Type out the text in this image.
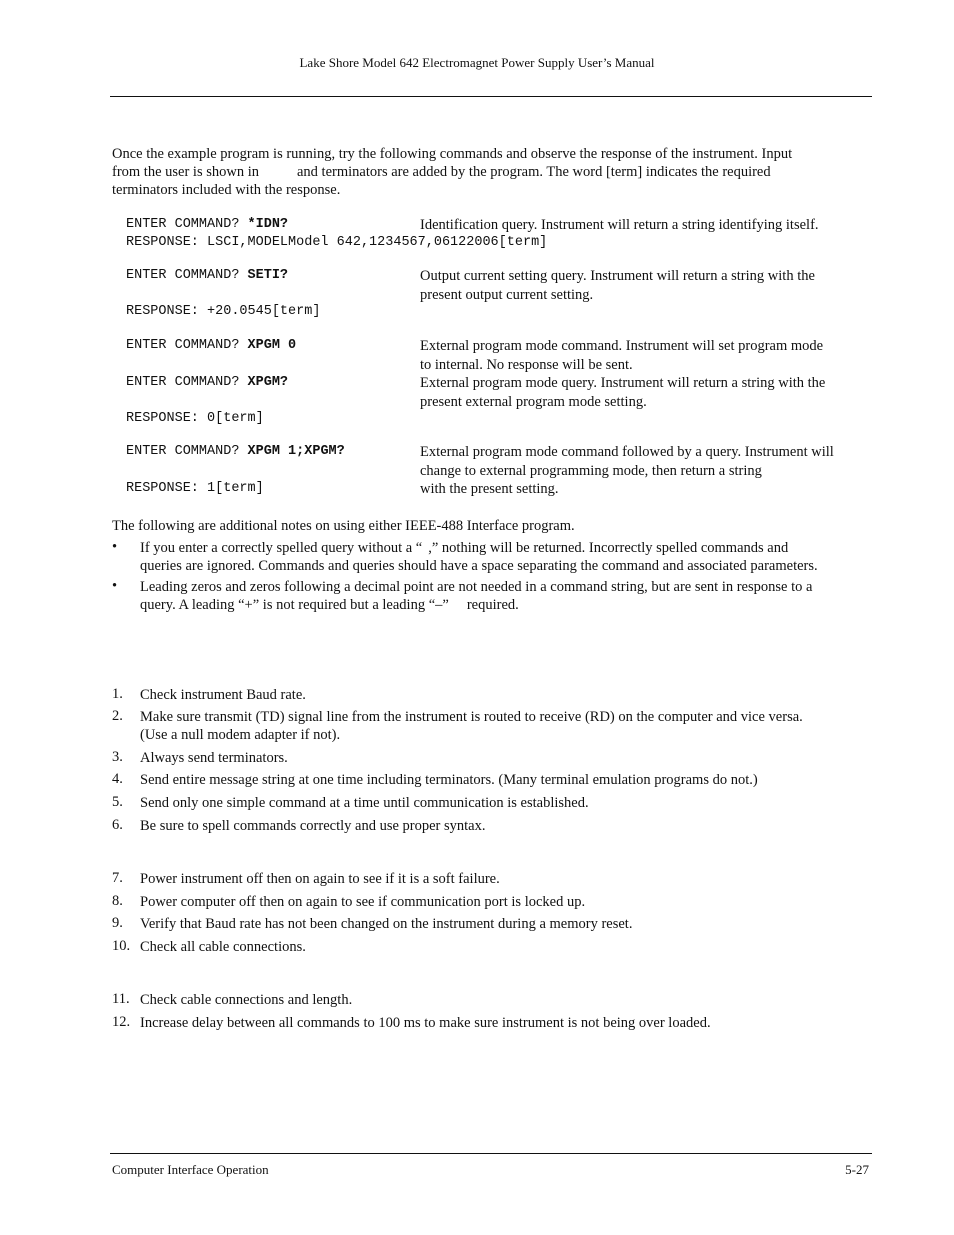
Lake Shore Model 642 Electromagnet Power Supply User’s Manual
Once the example program is running, try the following commands and observe the response of the instrument. Input
from the user is shown in	and terminators are added by the program. The word [term] indicates the required
terminators included with the response.
ENTER COMMAND? *IDN?	Identification query. Instrument will return a string identifying itself.
RESPONSE: LSCI,MODELModel 642,1234567,06122006[term]
ENTER COMMAND? SETI?	Output current setting query. Instrument will return a string with the
present output current setting.
RESPONSE: +20.0545[term]
ENTER COMMAND? XPGM 0	External program mode command. Instrument will set program mode
to internal. No response will be sent.
ENTER COMMAND? XPGM?	External program mode query. Instrument will return a string with the
present external program mode setting.
RESPONSE: 0[term]
ENTER COMMAND? XPGM 1;XPGM?	External program mode command followed by a query. Instrument will
change to external programming mode, then return a string
with the present setting.
RESPONSE: 1[term]
The following are additional notes on using either IEEE-488 Interface program.
• If you enter a correctly spelled query without a “ ,” nothing will be returned. Incorrectly spelled commands and
queries are ignored. Commands and queries should have a space separating the command and associated parameters.
• Leading zeros and zeros following a decimal point are not needed in a command string, but are sent in response to a
query. A leading “+” is not required but a leading “–” required.
1. Check instrument Baud rate.
2. Make sure transmit (TD) signal line from the instrument is routed to receive (RD) on the computer and vice versa.
(Use a null modem adapter if not).
3. Always send terminators.
4. Send entire message string at one time including terminators. (Many terminal emulation programs do not.)
5. Send only one simple command at a time until communication is established.
6. Be sure to spell commands correctly and use proper syntax.
7. Power instrument off then on again to see if it is a soft failure.
8. Power computer off then on again to see if communication port is locked up.
9. Verify that Baud rate has not been changed on the instrument during a memory reset.
10. Check all cable connections.
11. Check cable connections and length.
12. Increase delay between all commands to 100 ms to make sure instrument is not being over loaded.
Computer Interface Operation	5-27
